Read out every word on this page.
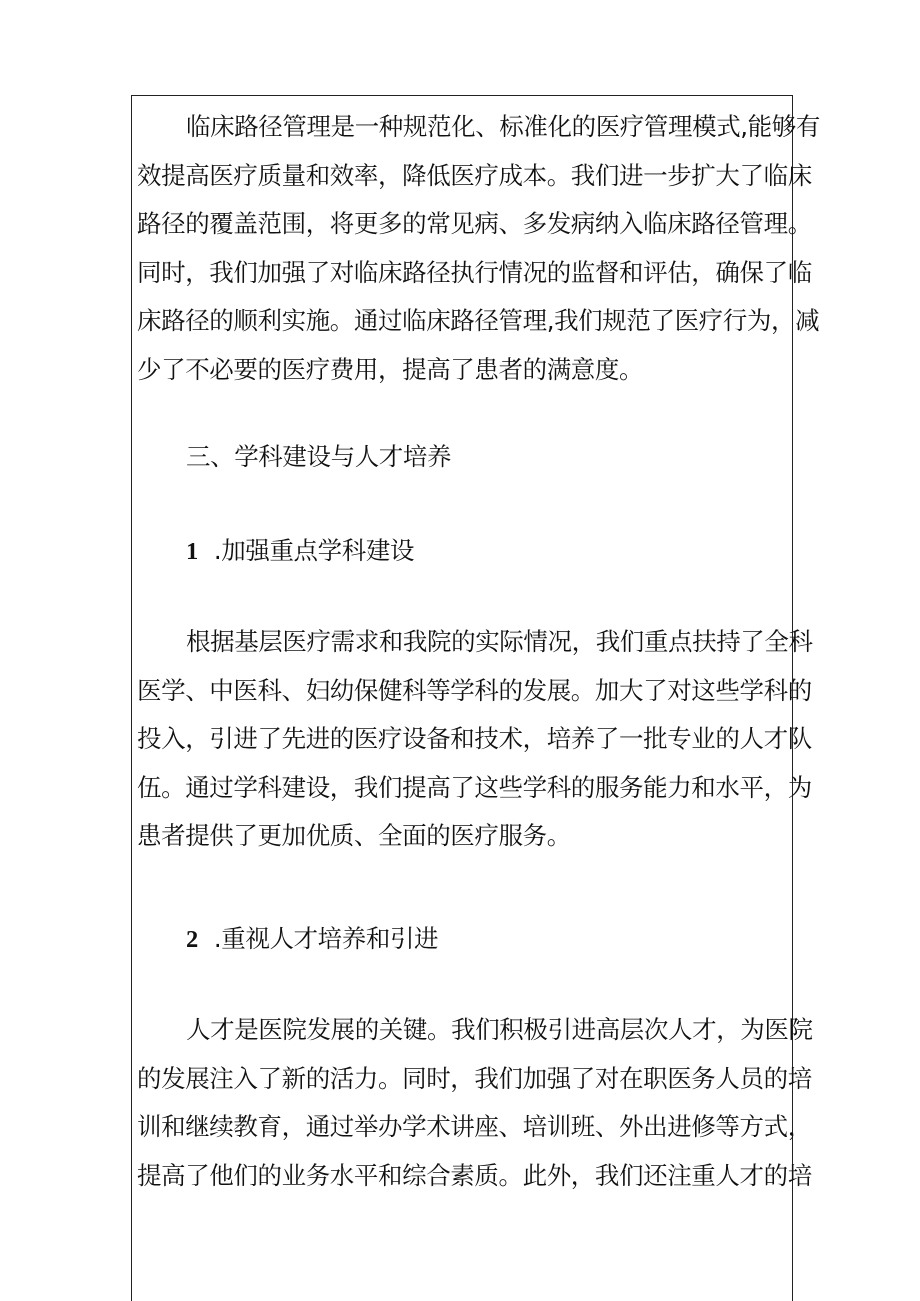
临床路径管理是一种规范化、标准化的医疗管理模式,能够有
效提高医疗质量和效率，降低医疗成本。我们进一步扩大了临床
路径的覆盖范围，将更多的常见病、多发病纳入临床路径管理。
同时，我们加强了对临床路径执行情况的监督和评估，确保了临
床路径的顺利实施。通过临床路径管理,我们规范了医疗行为，减
少了不必要的医疗费用，提高了患者的满意度。
三、学科建设与人才培养
1 .加强重点学科建设
根据基层医疗需求和我院的实际情况，我们重点扶持了全科
医学、中医科、妇幼保健科等学科的发展。加大了对这些学科的
投入，引进了先进的医疗设备和技术，培养了一批专业的人才队
伍。通过学科建设，我们提高了这些学科的服务能力和水平，为
患者提供了更加优质、全面的医疗服务。
2 .重视人才培养和引进
人才是医院发展的关键。我们积极引进高层次人才，为医院
的发展注入了新的活力。同时，我们加强了对在职医务人员的培
训和继续教育，通过举办学术讲座、培训班、外出进修等方式，
提高了他们的业务水平和综合素质。此外，我们还注重人才的培
